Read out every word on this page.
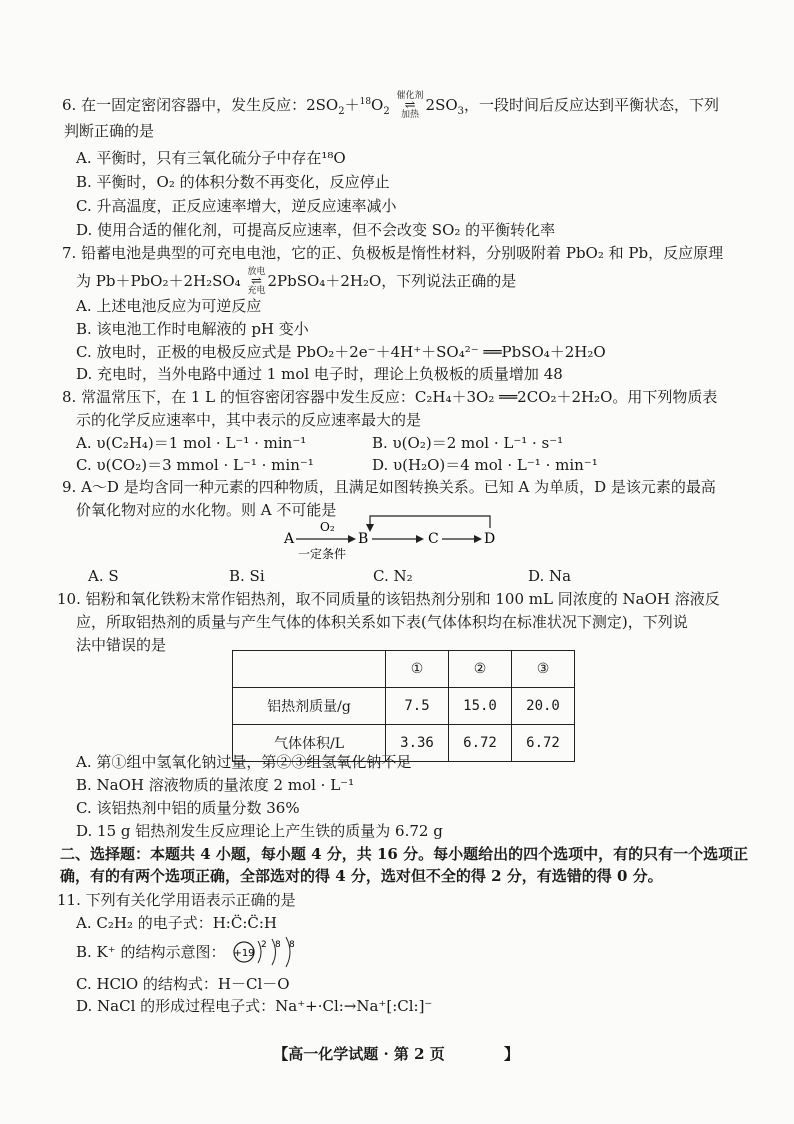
6. 在一固定密闭容器中，发生反应：$2SO_2+^{18}O_2$ 催化剂
⇌
加热$2SO_3$，一段时间后反应达到平衡状态，下列
判断正确的是
A. 平衡时，只有三氧化硫分子中存在¹⁸O
B. 平衡时，O₂ 的体积分数不再变化，反应停止
C. 升高温度，正反应速率增大，逆反应速率减小
D. 使用合适的催化剂，可提高反应速率，但不会改变 SO₂ 的平衡转化率
7. 铅蓄电池是典型的可充电电池，它的正、负极板是惰性材料，分别吸附着 PbO₂ 和 Pb，反应原理
为 Pb＋PbO₂＋2H₂SO₄ 放电
⇌
充电2PbSO₄＋2H₂O，下列说法正确的是
A. 上述电池反应为可逆反应
B. 该电池工作时电解液的 pH 变小
C. 放电时，正极的电极反应式是 PbO₂＋2e⁻＋4H⁺＋SO₄²⁻ ══PbSO₄＋2H₂O
D. 充电时，当外电路中通过 1 mol 电子时，理论上负极板的质量增加 48
8. 常温常压下，在 1 L 的恒容密闭容器中发生反应：C₂H₄＋3O₂ ══2CO₂＋2H₂O。用下列物质表
示的化学反应速率中，其中表示的反应速率最大的是
A. υ(C₂H₄)＝1 mol · L⁻¹ · min⁻¹	B. υ(O₂)＝2 mol · L⁻¹ · s⁻¹
C. υ(CO₂)＝3 mmol · L⁻¹ · min⁻¹	D. υ(H₂O)＝4 mol · L⁻¹ · min⁻¹
9. A～D 是均含同一种元素的四种物质，且满足如图转换关系。已知 A 为单质，D 是该元素的最高
价氧化物对应的水化物。则 A 不可能是
A
O₂
一定条件
B	C	D
A. S	B. Si	C. N₂	D. Na
10. 铝粉和氧化铁粉末常作铝热剂，取不同质量的该铝热剂分别和 100 mL 同浓度的 NaOH 溶液反
应，所取铝热剂的质量与产生气体的体积关系如下表(气体体积均在标准状况下测定)，下列说
法中错误的是
	①	②	③
铝热剂质量/g	7.5	15.0	20.0
气体体积/L	3.36	6.72	6.72
A. 第①组中氢氧化钠过量，第②③组氢氧化钠不足
B. NaOH 溶液物质的量浓度 2 mol · L⁻¹
C. 该铝热剂中铝的质量分数 36%
D. 15 g 铝热剂发生反应理论上产生铁的质量为 6.72 g
二、选择题：本题共 4 小题，每小题 4 分，共 16 分。每小题给出的四个选项中，有的只有一个选项正
确，有的有两个选项正确，全部选对的得 4 分，选对但不全的得 2 分，有选错的得 0 分。
11. 下列有关化学用语表示正确的是
A. C₂H₂ 的电子式：H:C̈:C̈:H
B. K⁺ 的结构示意图： +19
2 8 8
C. HClO 的结构式：H－Cl－O
D. NaCl 的形成过程电子式：Na⁺+·Cl:→Na⁺[:Cl:]⁻
【高一化学试题 · 第 2 页	】
